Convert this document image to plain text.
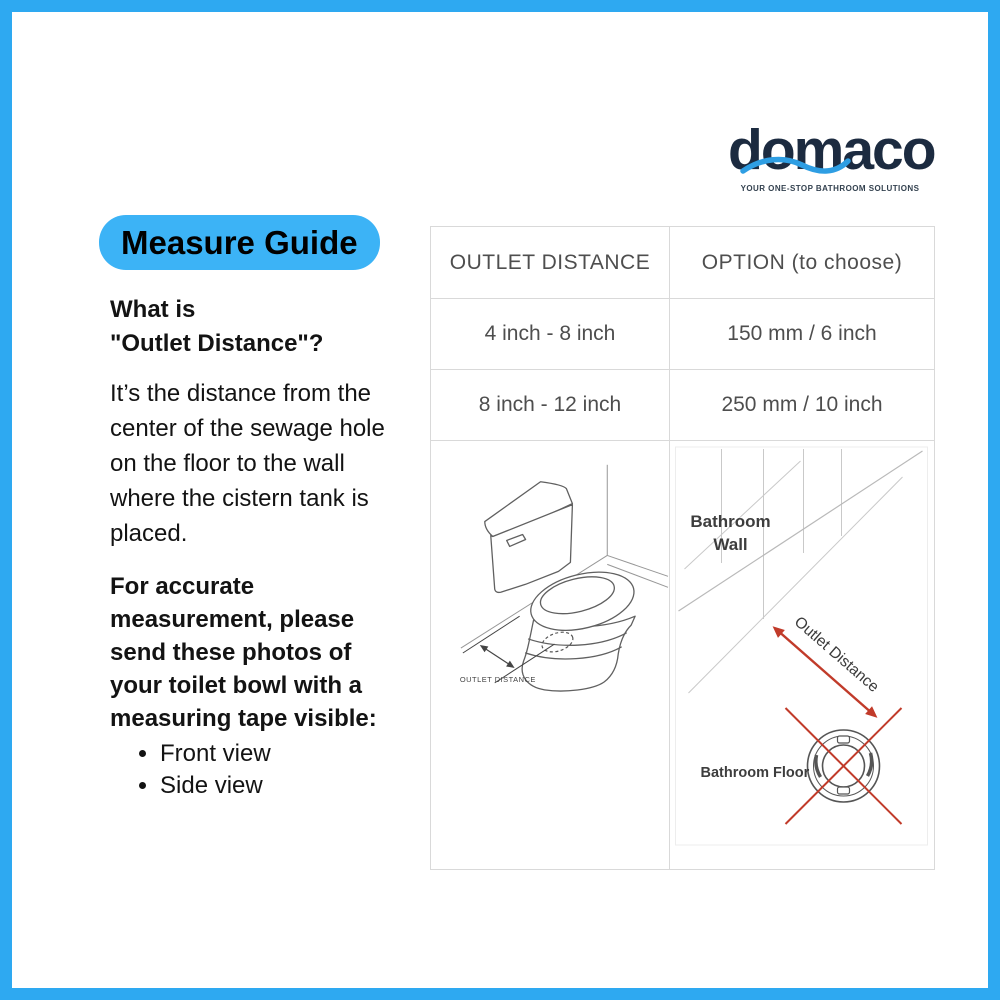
domaco
YOUR ONE-STOP BATHROOM SOLUTIONS
Measure Guide
What is
"Outlet Distance"?
It’s the distance from the center of the sewage hole on the floor to the wall where the cistern tank is placed.
For accurate measurement, please send these photos of your toilet bowl with a measuring tape visible:
• Front view
• Side view
OUTLET DISTANCE	OPTION (to choose)
4 inch - 8 inch	150 mm / 6 inch
8 inch - 12 inch	250 mm / 10 inch
OUTLET DISTANCE
Bathroom
Wall
Outlet Distance
Bathroom Floor
